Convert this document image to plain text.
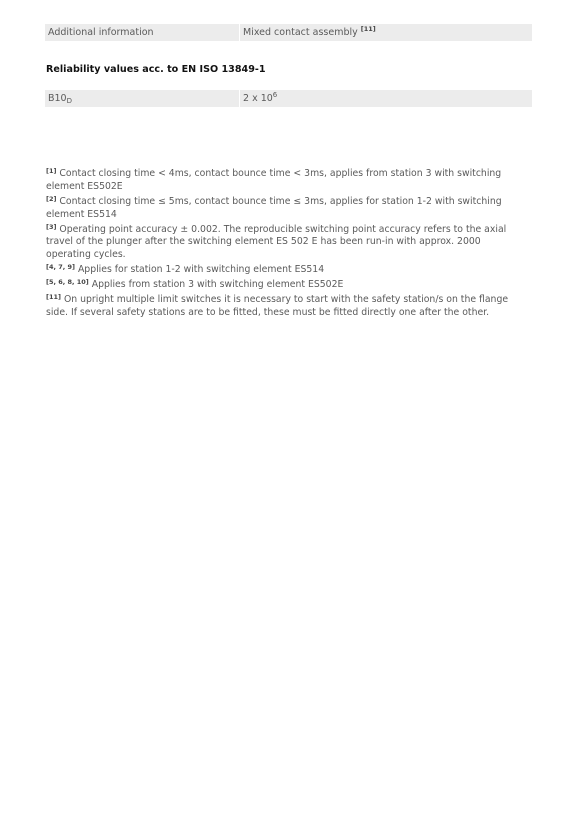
Additional information	Mixed contact assembly [11]
Reliability values acc. to EN ISO 13849-1
$B10_D$	2 x $10^6$
[1] Contact closing time < 4ms, contact bounce time < 3ms, applies from station 3 with switching element ES502E
[2] Contact closing time ≤ 5ms, contact bounce time ≤ 3ms, applies for station 1-2 with switching element ES514
[3] Operating point accuracy ± 0.002. The reproducible switching point accuracy refers to the axial travel of the plunger after the switching element ES 502 E has been run-in with approx. 2000 operating cycles.
[4, 7, 9] Applies for station 1-2 with switching element ES514
[5, 6, 8, 10] Applies from station 3 with switching element ES502E
[11] On upright multiple limit switches it is necessary to start with the safety station/s on the flange side. If several safety stations are to be fitted, these must be fitted directly one after the other.
